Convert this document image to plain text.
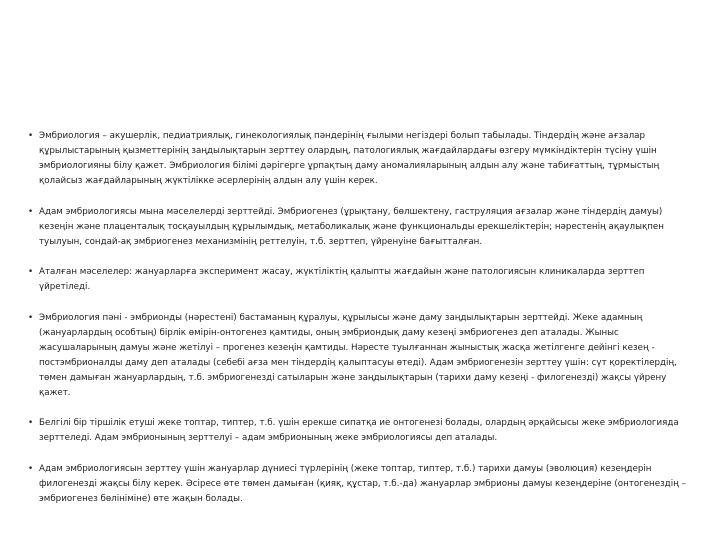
• Эмбриология – акушерлік, педиатриялық, гинекологиялық пәндерінің ғылыми негіздері болып табылады. Тіндердің және ағзалар құрылыстарының қызметтерінің заңдылықтарын зерттеу олардың, патологиялық жағдайлардағы өзгеру мүмкіндіктерін түсіну үшін эмбриологияны білу қажет. Эмбриология білімі дәрігерге ұрпақтың даму аномалияларының алдын алу және табиғаттың, тұрмыстың қолайсыз жағдайларының жүктілікке әсерлерінің алдын алу үшін керек.
• Адам эмбриологиясы мына мәселелерді зерттейді. Эмбриогенез (ұрықтану, бөлшектену, гаструляция ағзалар және тіндердің дамуы) кезеңін және плаценталық тосқауылдың құрылымдық, метаболикалық және функциональды ерекшеліктерін; нәрестенің ақаулықпен туылуын, сондай-ақ эмбриогенез механизмінің реттелуін, т.б. зерттеп, үйренуіне бағытталған.
• Аталған мәселелер: жануарларға эксперимент жасау, жүктіліктің қалыпты жағдайын және патологиясын клиникаларда зерттеп үйретіледі.
• Эмбриология пәні - эмбрионды (нәрестені) бастаманың құралуы, құрылысы және даму заңдылықтарын зерттейді. Жеке адамның (жануарлардың особтың) бірлік өмірін-онтогенез қамтиды, оның эмбриондық даму кезеңі эмбриогенез деп аталады. Жыныс жасушаларының дамуы және жетілуі – прогенез кезеңін қамтиды. Нәресте туылғаннан жыныстық жасқа жетілгенге дейінгі кезең - постэмбрионалды даму деп аталады (себебі ағза мен тіндердің қалыптасуы өтеді). Адам эмбриогенезін зерттеу үшін: сүт қоректілердің, төмен дамыған жануарлардың, т.б. эмбриогенезді сатыларын және заңдылықтарын (тарихи даму кезеңі - филогенезді) жақсы үйрену қажет.
• Белгілі бір тіршілік етуші жеке топтар, типтер, т.б. үшін ерекше сипатқа ие онтогенезі болады, олардың әрқайсысы жеке эмбриологияда зерттеледі. Адам эмбрионының зерттелуі – адам эмбрионының жеке эмбриологиясы деп аталады.
• Адам эмбриологиясын зерттеу үшін жануарлар дүниесі түрлерінің (жеке топтар, типтер, т.б.) тарихи дамуы (эволюция) кезеңдерін филогенезді жақсы білу керек. Әсіресе өте төмен дамыған (қияқ, құстар, т.б.-да) жануарлар эмбрионы дамуы кезеңдеріне (онтогенездің – эмбриогенез бөлініміне) өте жақын болады.
